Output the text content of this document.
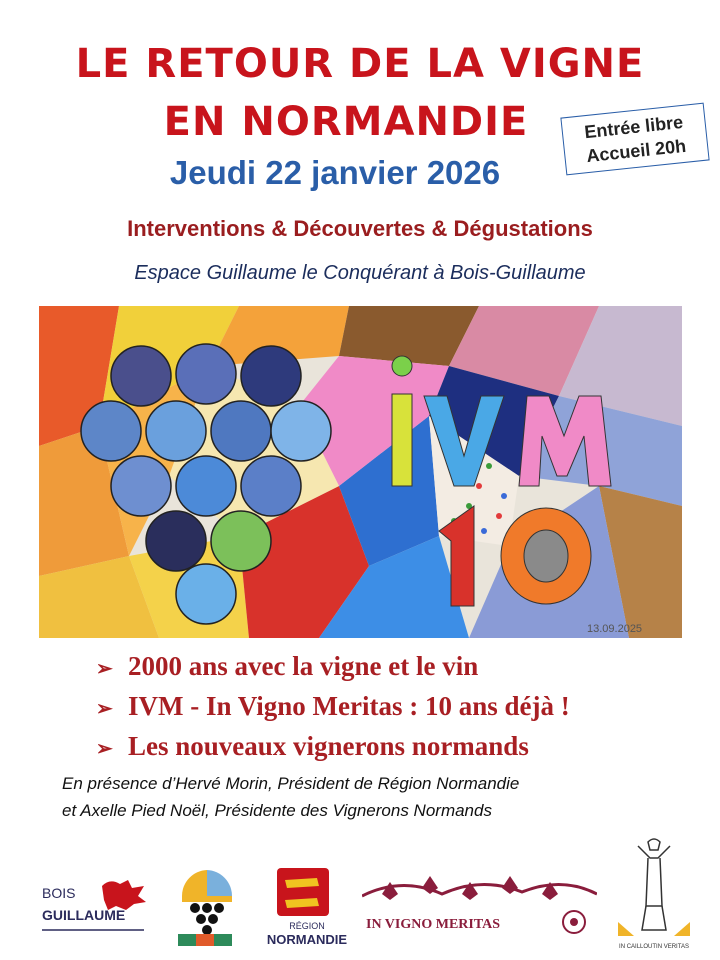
LE RETOUR DE LA VIGNE
EN NORMANDIE	Entrée libre
Accueil 20h
Jeudi 22 janvier 2026
Interventions & Découvertes & Dégustations
Espace Guillaume le Conquérant à Bois-Guillaume
13.09.2025
➢ 2000 ans avec la vigne et le vin
➢ IVM - In Vigno Meritas : 10 ans déjà !
➢ Les nouveaux vignerons normands
En présence d’Hervé Morin, Président de Région Normandie
et Axelle Pied Noël, Présidente des Vignerons Normands
BOIS
GUILLAUME
RÉGION
NORMANDIE
IN VIGNO MERITAS
IN CAILLOUTIN VERITAS
